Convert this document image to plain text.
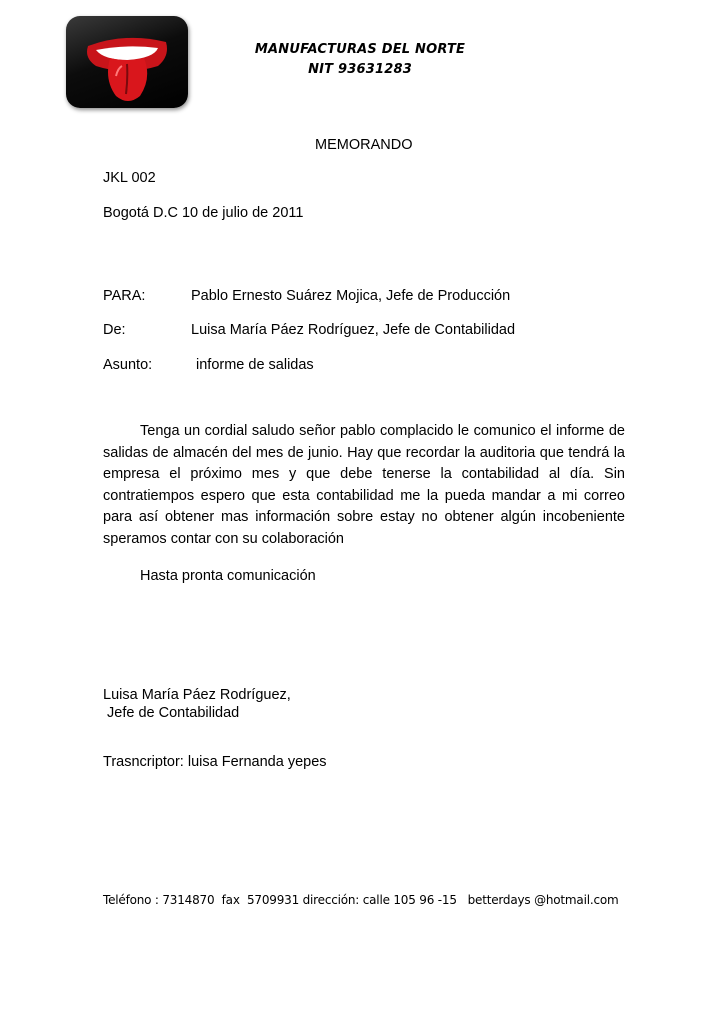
MANUFACTURAS DEL NORTE
NIT 93631283
MEMORANDO
JKL 002
Bogotá D.C 10 de julio de 2011
PARA:	Pablo Ernesto Suárez Mojica, Jefe de Producción
De:	Luisa María Páez Rodríguez, Jefe de Contabilidad
Asunto:	informe de salidas
Tenga un cordial saludo señor pablo complacido le comunico el informe de salidas de almacén del mes de junio. Hay que recordar la auditoria que tendrá la empresa el próximo mes y que debe tenerse la contabilidad al día. Sin contratiempos espero que esta contabilidad me la pueda mandar a mi correo para así obtener mas información sobre estay no obtener algún incobeniente speramos contar con su colaboración
Hasta pronta comunicación
Luisa María Páez Rodríguez,
Jefe de Contabilidad
Trasncriptor: luisa Fernanda yepes
Teléfono : 7314870  fax  5709931 dirección: calle 105 96 -15   betterdays @hotmail.com
